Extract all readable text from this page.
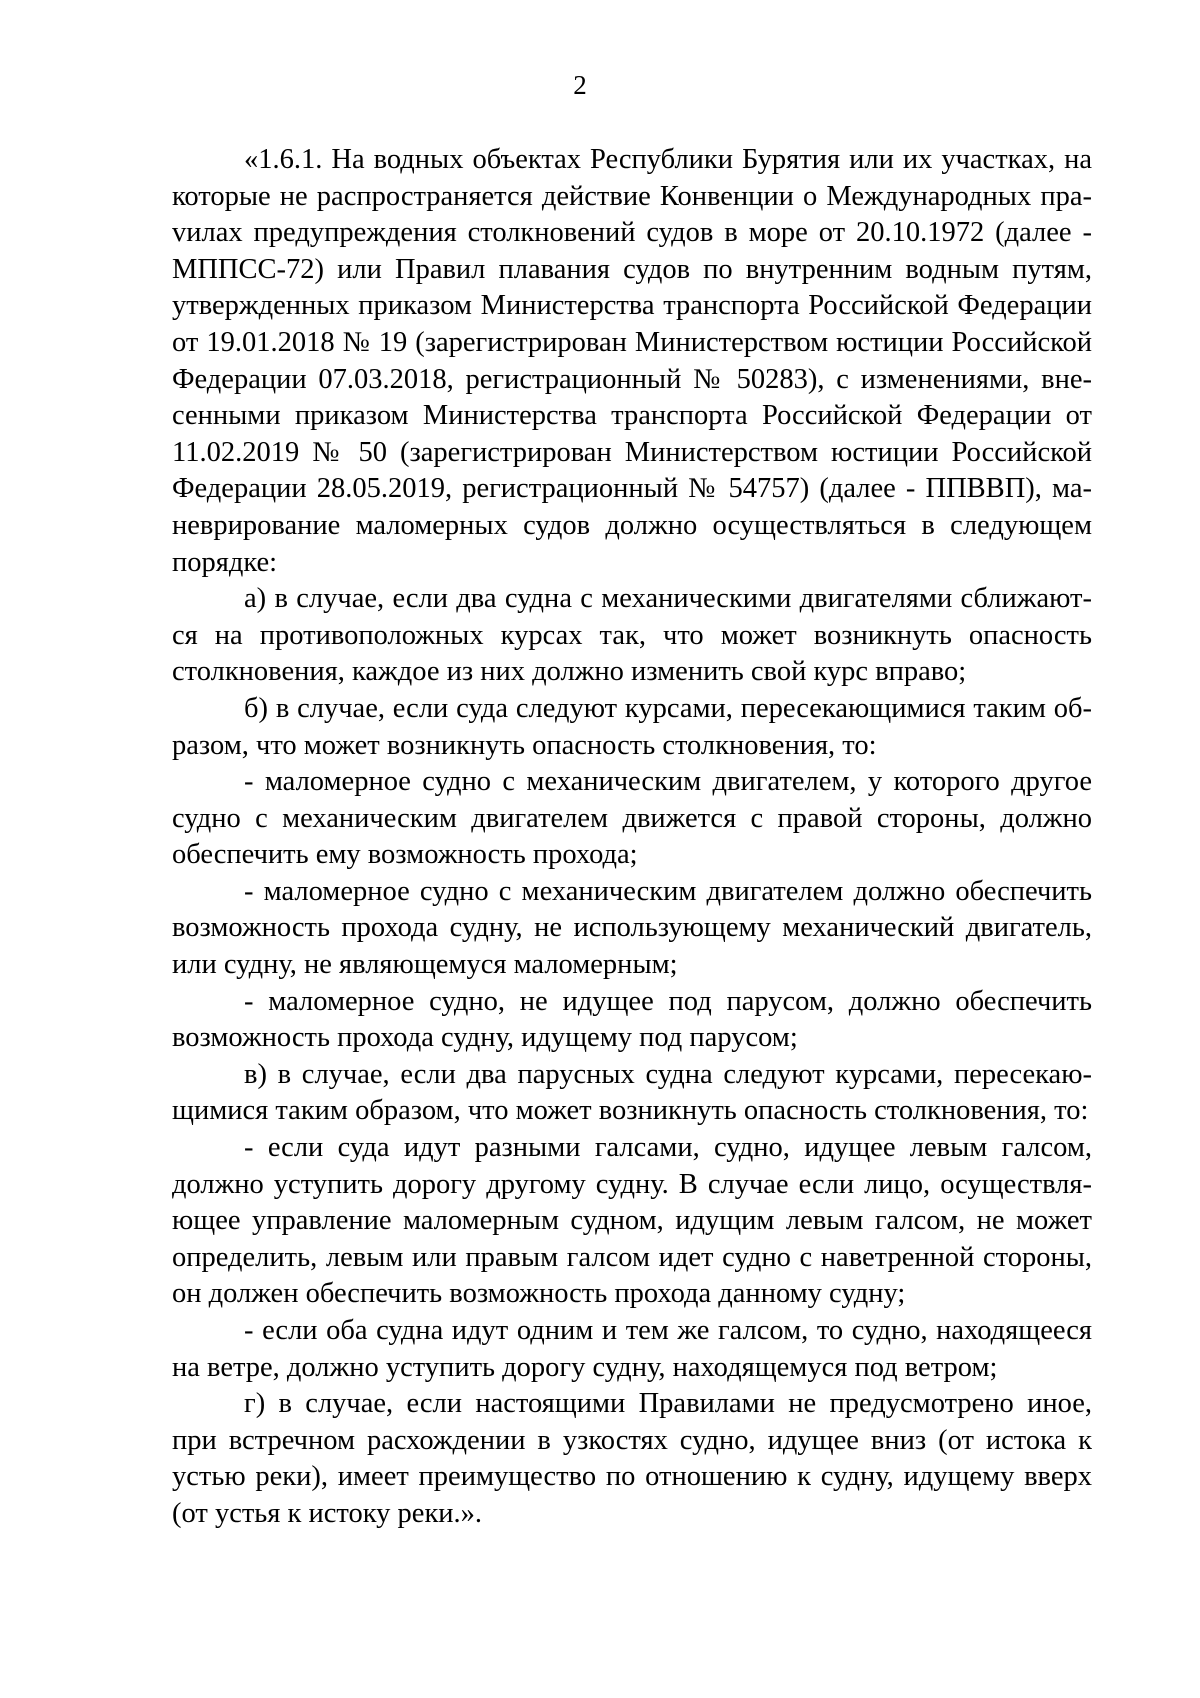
2

«1.6.1. На водных объектах Республики Бурятия или их участках, на которые не распространяется действие Конвенции о Международных праvилах предупреждения столкновений судов в море от 20.10.1972 (далее - МППСС-72) или Правил плавания судов по внутренним водным путям, утвержденных приказом Министерства транспорта Российской Федерации от 19.01.2018 № 19 (зарегистрирован Министерством юстиции Российской Федерации 07.03.2018, регистрационный № 50283), с изменениями, внесенными приказом Министерства транспорта Российской Федерации от 11.02.2019 № 50 (зарегистрирован Министерством юстиции Российской Федерации 28.05.2019, регистрационный № 54757) (далее - ППВВП), маневрирование маломерных судов должно осуществляться в следующем порядке:

а) в случае, если два судна с механическими двигателями сближаются на противоположных курсах так, что может возникнуть опасность столкновения, каждое из них должно изменить свой курс вправо;

б) в случае, если суда следуют курсами, пересекающимися таким образом, что может возникнуть опасность столкновения, то:

- маломерное судно с механическим двигателем, у которого другое судно с механическим двигателем движется с правой стороны, должно обеспечить ему возможность прохода;

- маломерное судно с механическим двигателем должно обеспечить возможность прохода судну, не использующему механический двигатель, или судну, не являющемуся маломерным;

- маломерное судно, не идущее под парусом, должно обеспечить возможность прохода судну, идущему под парусом;

в) в случае, если два парусных судна следуют курсами, пересекающимися таким образом, что может возникнуть опасность столкновения, то:

- если суда идут разными галсами, судно, идущее левым галсом, должно уступить дорогу другому судну. В случае если лицо, осуществляющее управление маломерным судном, идущим левым галсом, не может определить, левым или правым галсом идет судно с наветренной стороны, он должен обеспечить возможность прохода данному судну;

- если оба судна идут одним и тем же галсом, то судно, находящееся на ветре, должно уступить дорогу судну, находящемуся под ветром;

г) в случае, если настоящими Правилами не предусмотрено иное, при встречном расхождении в узкостях судно, идущее вниз (от истока к устью реки), имеет преимущество по отношению к судну, идущему вверх (от устья к истоку реки.».
